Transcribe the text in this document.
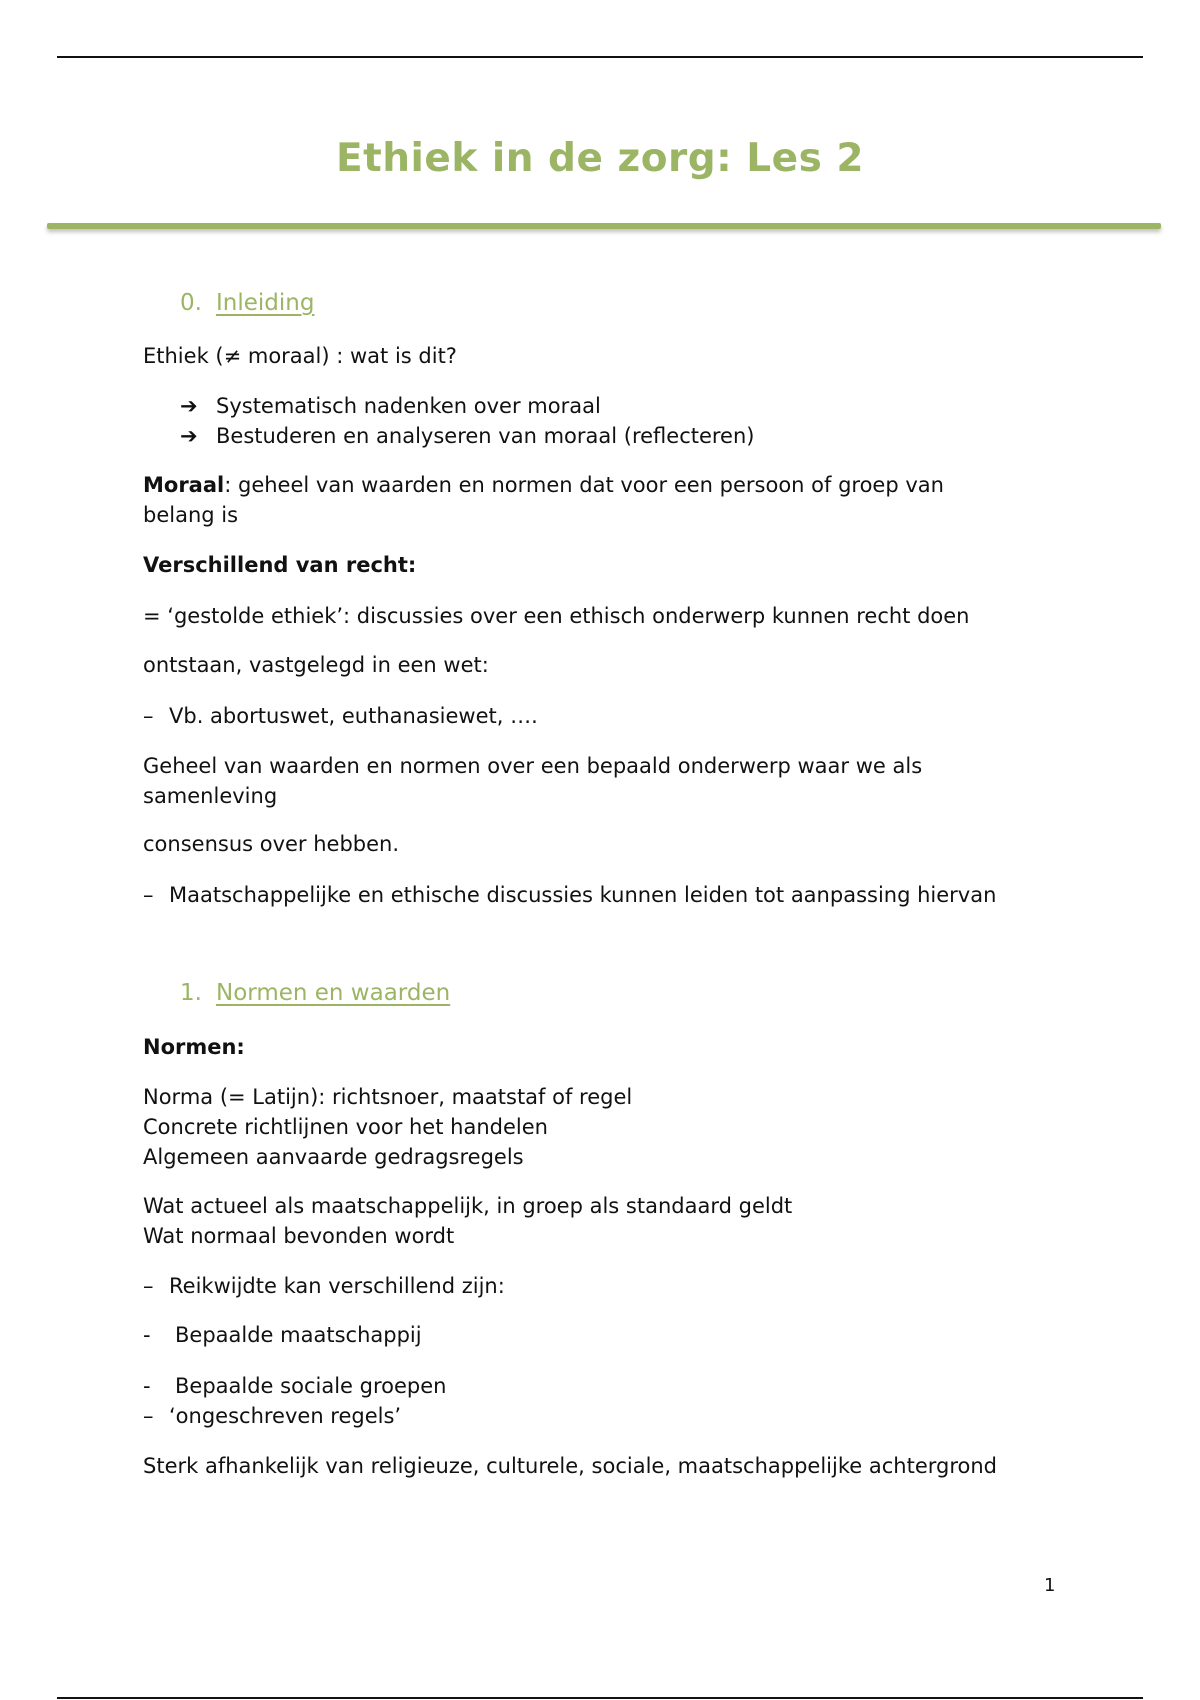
Ethiek in de zorg: Les 2
0. Inleiding

Ethiek (≠ moraal) : wat is dit?

➔ Systematisch nadenken over moraal
➔ Bestuderen en analyseren van moraal (reflecteren)

Moraal: geheel van waarden en normen dat voor een persoon of groep van
belang is

Verschillend van recht:

= ‘gestolde ethiek’: discussies over een ethisch onderwerp kunnen recht doen

ontstaan, vastgelegd in een wet:

– Vb. abortuswet, euthanasiewet, ….

Geheel van waarden en normen over een bepaald onderwerp waar we als
samenleving

consensus over hebben.

– Maatschappelijke en ethische discussies kunnen leiden tot aanpassing hiervan

1. Normen en waarden

Normen:

Norma (= Latijn): richtsnoer, maatstaf of regel
Concrete richtlijnen voor het handelen
Algemeen aanvaarde gedragsregels

Wat actueel als maatschappelijk, in groep als standaard geldt
Wat normaal bevonden wordt

– Reikwijdte kan verschillend zijn:

- Bepaalde maatschappij

- Bepaalde sociale groepen
– ‘ongeschreven regels’

Sterk afhankelijk van religieuze, culturele, sociale, maatschappelijke achtergrond

1
